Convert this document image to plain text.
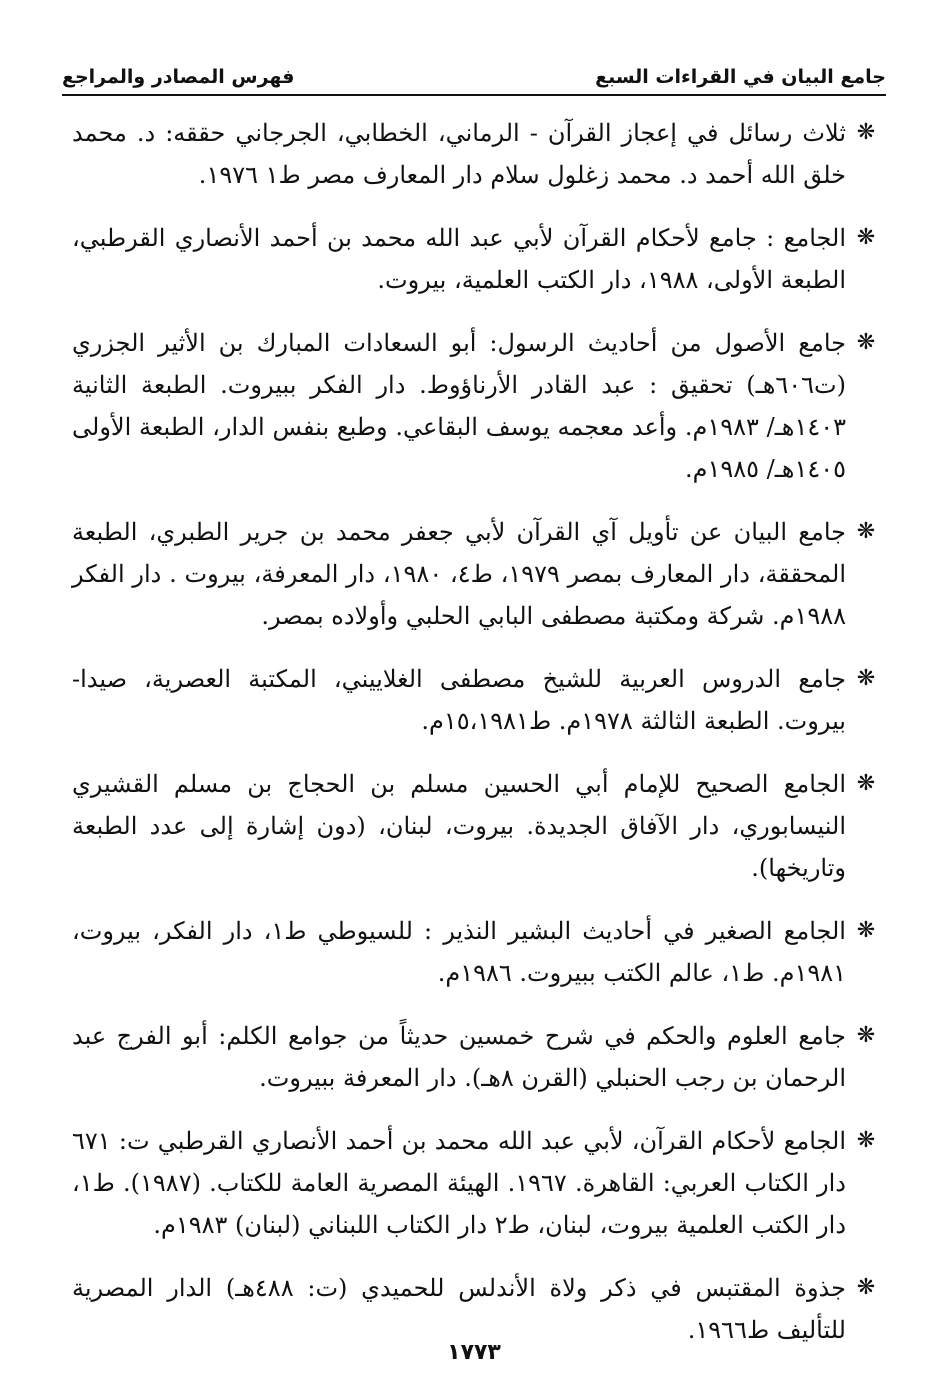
جامع البيان في القراءات السبع
فهرس المصادر والمراجع
❋
ثلاث رسائل في إعجاز القرآن - الرماني، الخطابي، الجرجاني حققه: د. محمد خلق الله أحمد د. محمد زغلول سلام دار المعارف مصر ط١ ١٩٧٦.
❋
الجامع : جامع لأحكام القرآن لأبي عبد الله محمد بن أحمد الأنصاري القرطبي، الطبعة الأولى، ١٩٨٨، دار الكتب العلمية، بيروت.
❋
جامع الأصول من أحاديث الرسول: أبو السعادات المبارك بن الأثير الجزري (ت٦٠٦هـ) تحقيق : عبد القادر الأرناؤوط. دار الفكر ببيروت. الطبعة الثانية ١٤٠٣هـ/ ١٩٨٣م. وأعد معجمه يوسف البقاعي. وطبع بنفس الدار، الطبعة الأولى ١٤٠٥هـ/ ١٩٨٥م.
❋
جامع البيان عن تأويل آي القرآن لأبي جعفر محمد بن جرير الطبري، الطبعة المحققة، دار المعارف بمصر ١٩٧٩، ط٤، ١٩٨٠، دار المعرفة، بيروت . دار الفكر ١٩٨٨م. شركة ومكتبة مصطفى البابي الحلبي وأولاده بمصر.
❋
جامع الدروس العربية للشيخ مصطفى الغلاييني، المكتبة العصرية، صيدا- بيروت. الطبعة الثالثة ١٩٧٨م. ط١٥،١٩٨١م.
❋
الجامع الصحيح للإمام أبي الحسين مسلم بن الحجاج بن مسلم القشيري النيسابوري، دار الآفاق الجديدة. بيروت، لبنان، (دون إشارة إلى عدد الطبعة وتاريخها).
❋
الجامع الصغير في أحاديث البشير النذير : للسيوطي ط١، دار الفكر، بيروت، ١٩٨١م. ط١، عالم الكتب ببيروت. ١٩٨٦م.
❋
جامع العلوم والحكم في شرح خمسين حديثاً من جوامع الكلم: أبو الفرج عبد الرحمان بن رجب الحنبلي (القرن ٨هـ). دار المعرفة ببيروت.
❋
الجامع لأحكام القرآن، لأبي عبد الله محمد بن أحمد الأنصاري القرطبي ت: ٦٧١ دار الكتاب العربي: القاهرة. ١٩٦٧. الهيئة المصرية العامة للكتاب. (١٩٨٧). ط١، دار الكتب العلمية بيروت، لبنان، ط٢ دار الكتاب اللبناني (لبنان) ١٩٨٣م.
❋
جذوة المقتبس في ذكر ولاة الأندلس للحميدي (ت: ٤٨٨هـ) الدار المصرية للتأليف ط١٩٦٦.
١٧٧٣
